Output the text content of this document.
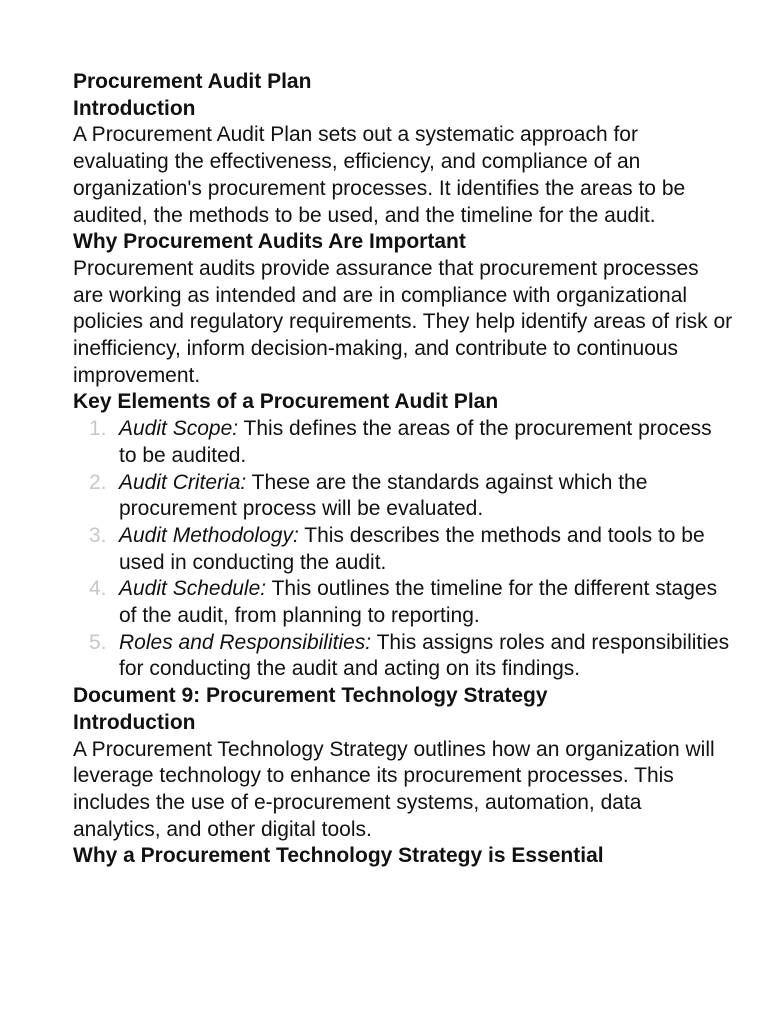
Procurement Audit Plan

Introduction

A Procurement Audit Plan sets out a systematic approach for evaluating the effectiveness, efficiency, and compliance of an organization's procurement processes. It identifies the areas to be audited, the methods to be used, and the timeline for the audit.

Why Procurement Audits Are Important

Procurement audits provide assurance that procurement processes are working as intended and are in compliance with organizational policies and regulatory requirements. They help identify areas of risk or inefficiency, inform decision-making, and contribute to continuous improvement.

Key Elements of a Procurement Audit Plan

1. Audit Scope: This defines the areas of the procurement process to be audited.
2. Audit Criteria: These are the standards against which the procurement process will be evaluated.
3. Audit Methodology: This describes the methods and tools to be used in conducting the audit.
4. Audit Schedule: This outlines the timeline for the different stages of the audit, from planning to reporting.
5. Roles and Responsibilities: This assigns roles and responsibilities for conducting the audit and acting on its findings.

Document 9: Procurement Technology Strategy

Introduction

A Procurement Technology Strategy outlines how an organization will leverage technology to enhance its procurement processes. This includes the use of e-procurement systems, automation, data analytics, and other digital tools.

Why a Procurement Technology Strategy is Essential
